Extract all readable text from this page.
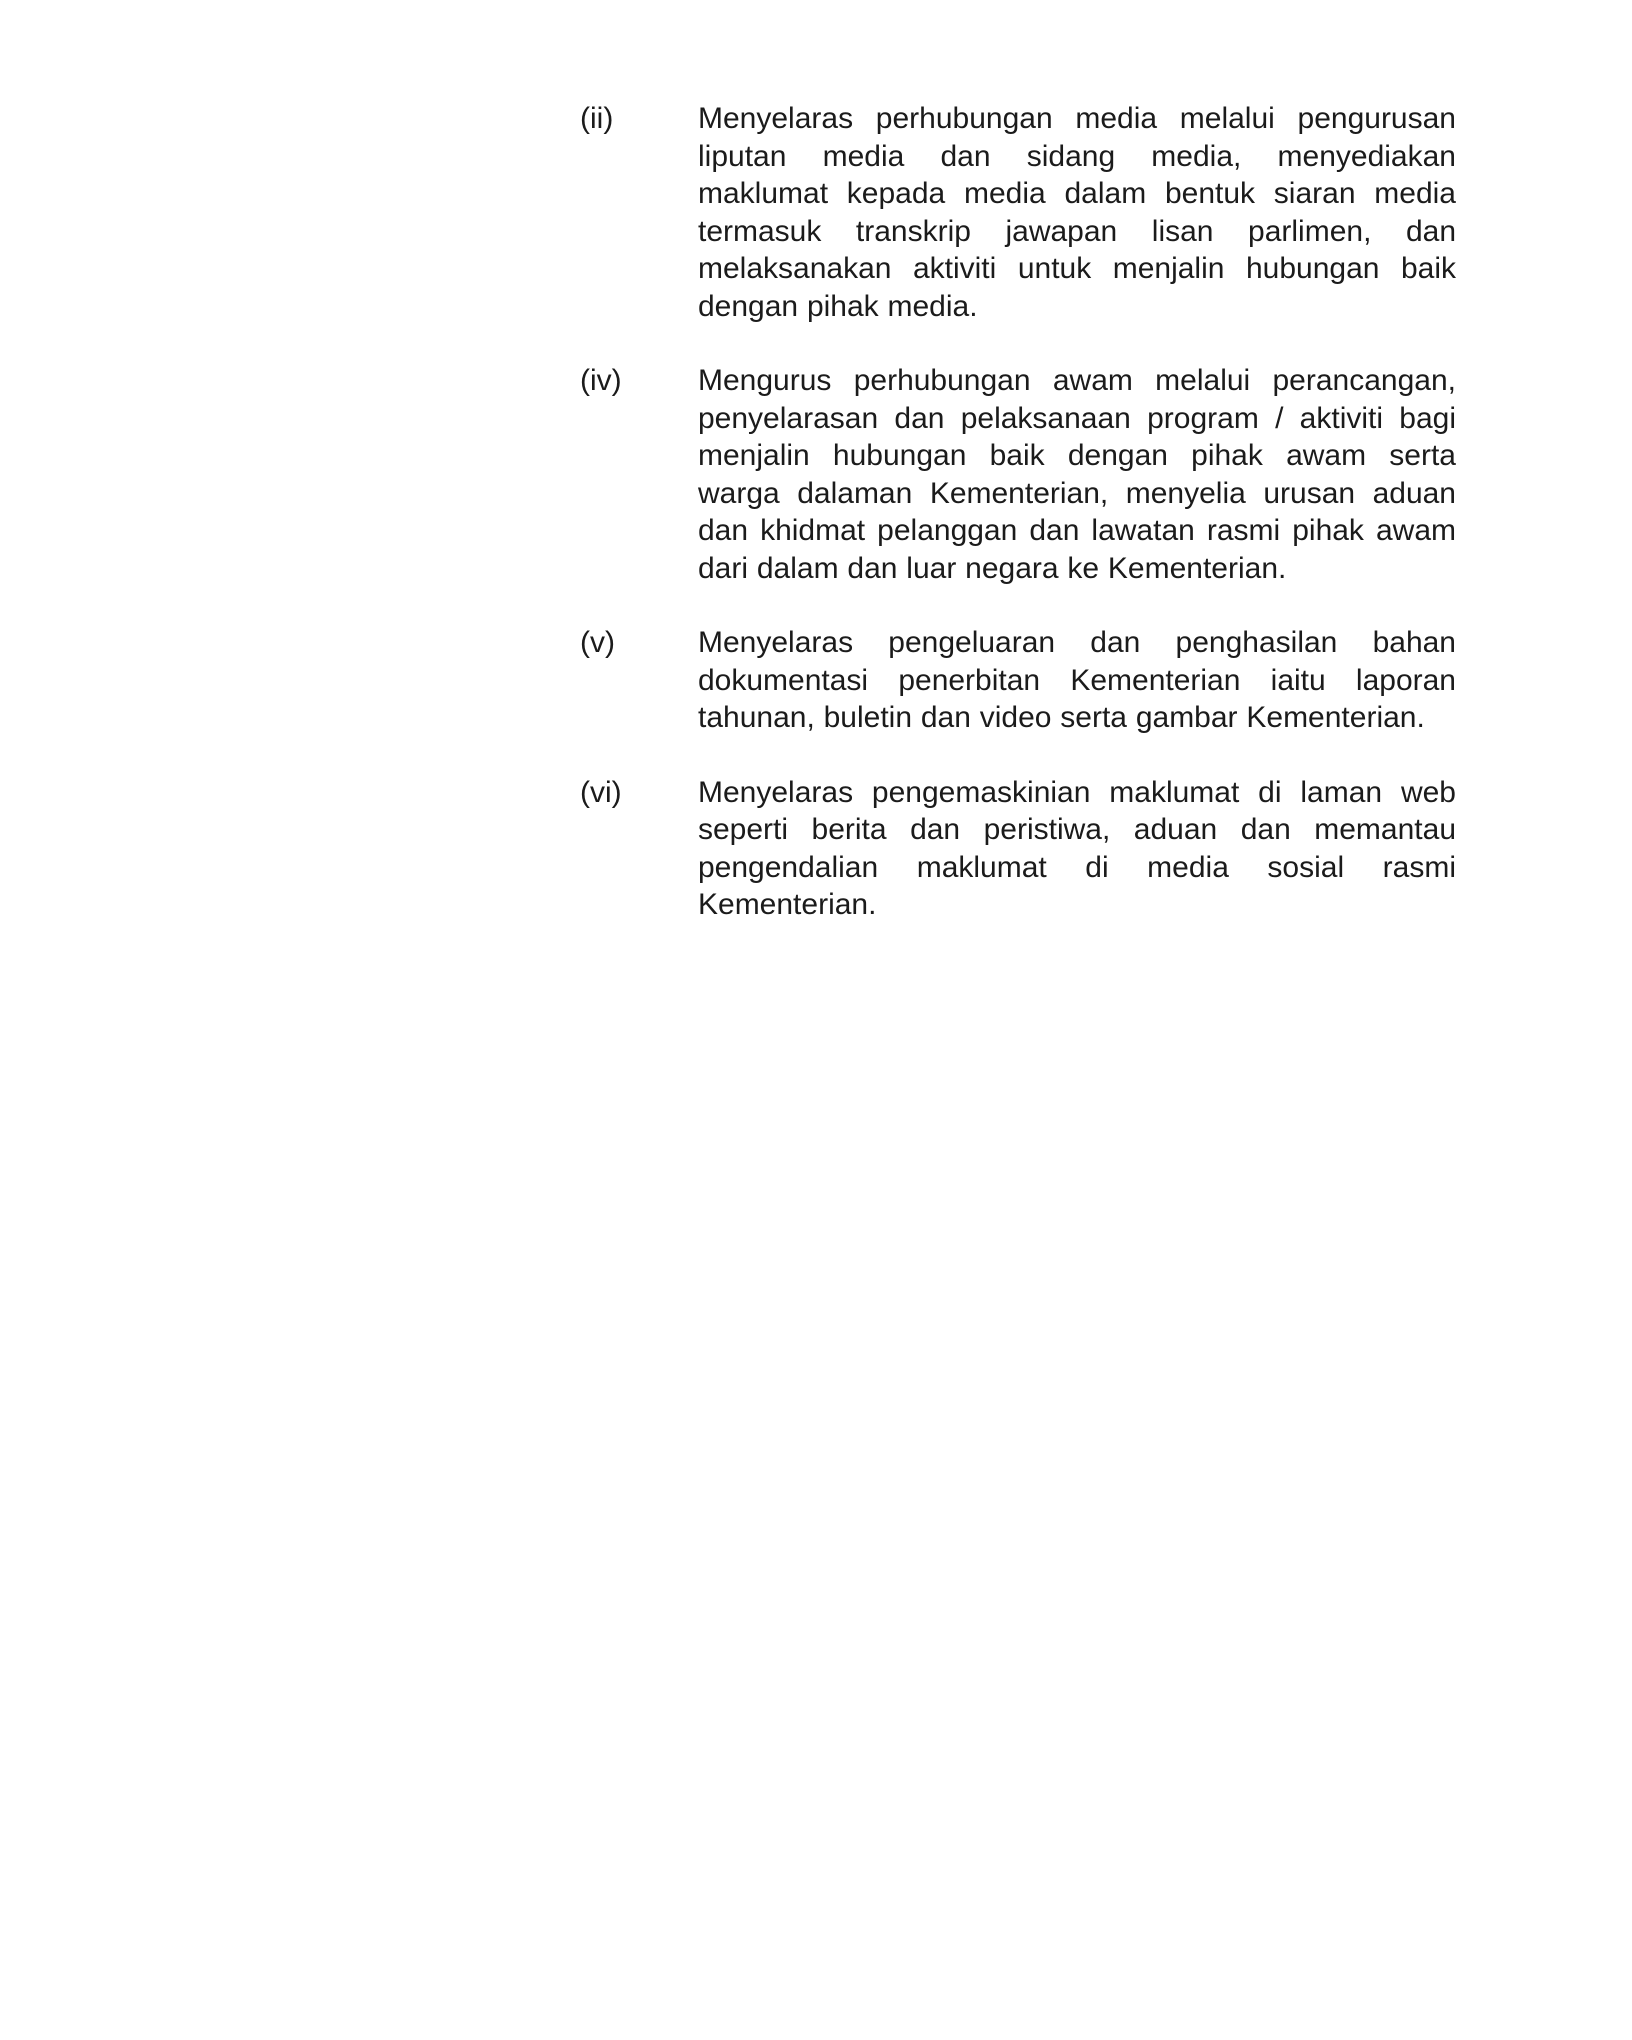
(ii)	Menyelaras perhubungan media melalui pengurusan liputan media dan sidang media, menyediakan maklumat kepada media dalam bentuk siaran media termasuk transkrip jawapan lisan parlimen, dan melaksanakan aktiviti untuk menjalin hubungan baik dengan pihak media.

(iv)	Mengurus perhubungan awam melalui perancangan, penyelarasan dan pelaksanaan program / aktiviti bagi menjalin hubungan baik dengan pihak awam serta warga dalaman Kementerian, menyelia urusan aduan dan khidmat pelanggan dan lawatan rasmi pihak awam dari dalam dan luar negara ke Kementerian.

(v)	Menyelaras pengeluaran dan penghasilan bahan dokumentasi penerbitan Kementerian iaitu laporan tahunan, buletin dan video serta gambar Kementerian.

(vi)	Menyelaras pengemaskinian maklumat di laman web seperti berita dan peristiwa, aduan dan memantau pengendalian maklumat di media sosial rasmi Kementerian.
